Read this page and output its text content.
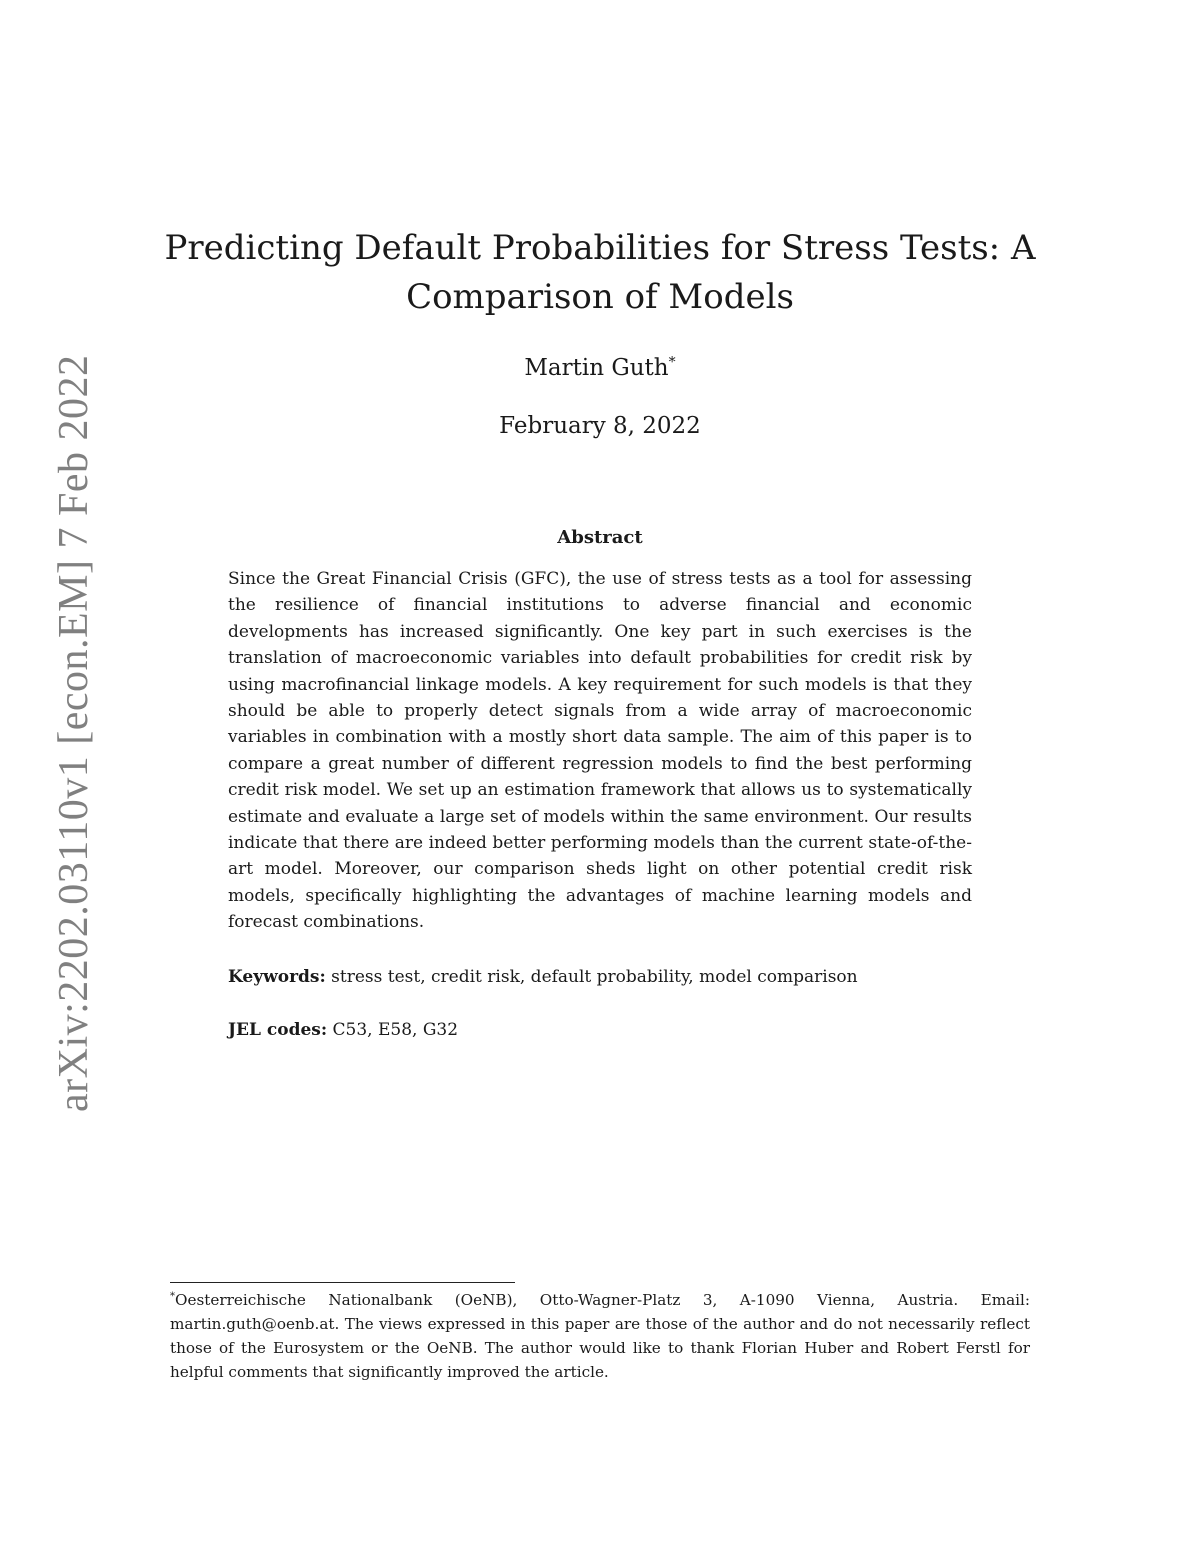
arXiv:2202.03110v1 [econ.EM] 7 Feb 2022
Predicting Default Probabilities for Stress Tests: A Comparison of Models
Martin Guth*
February 8, 2022
Abstract

Since the Great Financial Crisis (GFC), the use of stress tests as a tool for assessing the resilience of financial institutions to adverse financial and economic developments has increased significantly. One key part in such exercises is the translation of macroeconomic variables into default probabilities for credit risk by using macrofinancial linkage models. A key requirement for such models is that they should be able to properly detect signals from a wide array of macroeconomic variables in combination with a mostly short data sample. The aim of this paper is to compare a great number of different regression models to find the best performing credit risk model. We set up an estimation framework that allows us to systematically estimate and evaluate a large set of models within the same environment. Our results indicate that there are indeed better performing models than the current state-of-the-art model. Moreover, our comparison sheds light on other potential credit risk models, specifically highlighting the advantages of machine learning models and forecast combinations.

Keywords: stress test, credit risk, default probability, model comparison
JEL codes: C53, E58, G32

*Oesterreichische Nationalbank (OeNB), Otto-Wagner-Platz 3, A-1090 Vienna, Austria. Email: martin.guth@oenb.at. The views expressed in this paper are those of the author and do not necessarily reflect those of the Eurosystem or the OeNB. The author would like to thank Florian Huber and Robert Ferstl for helpful comments that significantly improved the article.
